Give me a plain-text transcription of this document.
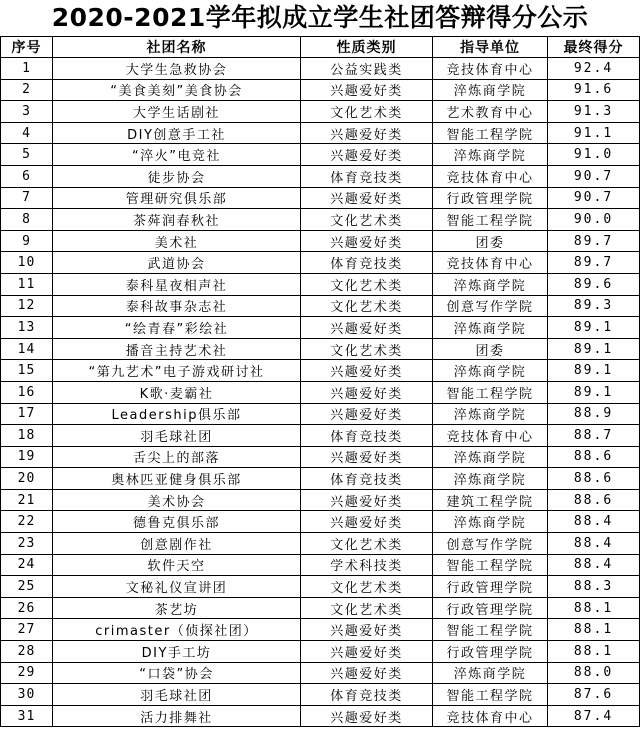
2020-2021学年拟成立学生社团答辩得分公示
序号	社团名称	性质类别	指导单位	最终得分
1	大学生急救协会	公益实践类	竞技体育中心	92.4
2	“美食美刻”美食协会	兴趣爱好类	淬炼商学院	91.6
3	大学生话剧社	文化艺术类	艺术教育中心	91.3
4	DIY创意手工社	兴趣爱好类	智能工程学院	91.1
5	“淬火”电竞社	兴趣爱好类	淬炼商学院	91.0
6	徒步协会	体育竞技类	竞技体育中心	90.7
7	管理研究俱乐部	兴趣爱好类	行政管理学院	90.7
8	茶荈润春秋社	文化艺术类	智能工程学院	90.0
9	美术社	兴趣爱好类	团委	89.7
10	武道协会	体育竞技类	竞技体育中心	89.7
11	泰科星夜相声社	文化艺术类	淬炼商学院	89.6
12	泰科故事杂志社	文化艺术类	创意写作学院	89.3
13	“绘青春”彩绘社	兴趣爱好类	淬炼商学院	89.1
14	播音主持艺术社	文化艺术类	团委	89.1
15	“第九艺术”电子游戏研讨社	兴趣爱好类	淬炼商学院	89.1
16	K歌·麦霸社	兴趣爱好类	智能工程学院	89.1
17	Leadership俱乐部	兴趣爱好类	淬炼商学院	88.9
18	羽毛球社团	体育竞技类	竞技体育中心	88.7
19	舌尖上的部落	兴趣爱好类	淬炼商学院	88.6
20	奥林匹亚健身俱乐部	体育竞技类	淬炼商学院	88.6
21	美术协会	兴趣爱好类	建筑工程学院	88.6
22	德鲁克俱乐部	兴趣爱好类	淬炼商学院	88.4
23	创意剧作社	文化艺术类	创意写作学院	88.4
24	软件天空	学术科技类	智能工程学院	88.4
25	文秘礼仪宣讲团	文化艺术类	行政管理学院	88.3
26	茶艺坊	文化艺术类	行政管理学院	88.1
27	crimaster（侦探社团）	兴趣爱好类	智能工程学院	88.1
28	DIY手工坊	兴趣爱好类	行政管理学院	88.1
29	“口袋”协会	兴趣爱好类	淬炼商学院	88.0
30	羽毛球社团	体育竞技类	智能工程学院	87.6
31	活力排舞社	兴趣爱好类	竞技体育中心	87.4
